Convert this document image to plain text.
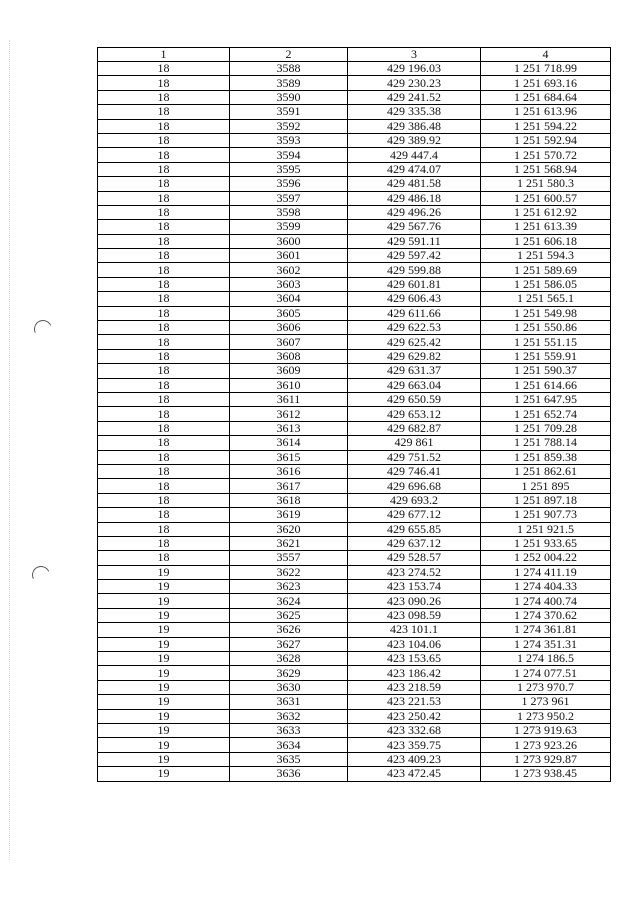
1	2	3	4
18	3588	429 196.03	1 251 718.99
18	3589	429 230.23	1 251 693.16
18	3590	429 241.52	1 251 684.64
18	3591	429 335.38	1 251 613.96
18	3592	429 386.48	1 251 594.22
18	3593	429 389.92	1 251 592.94
18	3594	429 447.4	1 251 570.72
18	3595	429 474.07	1 251 568.94
18	3596	429 481.58	1 251 580.3
18	3597	429 486.18	1 251 600.57
18	3598	429 496.26	1 251 612.92
18	3599	429 567.76	1 251 613.39
18	3600	429 591.11	1 251 606.18
18	3601	429 597.42	1 251 594.3
18	3602	429 599.88	1 251 589.69
18	3603	429 601.81	1 251 586.05
18	3604	429 606.43	1 251 565.1
18	3605	429 611.66	1 251 549.98
18	3606	429 622.53	1 251 550.86
18	3607	429 625.42	1 251 551.15
18	3608	429 629.82	1 251 559.91
18	3609	429 631.37	1 251 590.37
18	3610	429 663.04	1 251 614.66
18	3611	429 650.59	1 251 647.95
18	3612	429 653.12	1 251 652.74
18	3613	429 682.87	1 251 709.28
18	3614	429 861	1 251 788.14
18	3615	429 751.52	1 251 859.38
18	3616	429 746.41	1 251 862.61
18	3617	429 696.68	1 251 895
18	3618	429 693.2	1 251 897.18
18	3619	429 677.12	1 251 907.73
18	3620	429 655.85	1 251 921.5
18	3621	429 637.12	1 251 933.65
18	3557	429 528.57	1 252 004.22
19	3622	423 274.52	1 274 411.19
19	3623	423 153.74	1 274 404.33
19	3624	423 090.26	1 274 400.74
19	3625	423 098.59	1 274 370.62
19	3626	423 101.1	1 274 361.81
19	3627	423 104.06	1 274 351.31
19	3628	423 153.65	1 274 186.5
19	3629	423 186.42	1 274 077.51
19	3630	423 218.59	1 273 970.7
19	3631	423 221.53	1 273 961
19	3632	423 250.42	1 273 950.2
19	3633	423 332.68	1 273 919.63
19	3634	423 359.75	1 273 923.26
19	3635	423 409.23	1 273 929.87
19	3636	423 472.45	1 273 938.45
